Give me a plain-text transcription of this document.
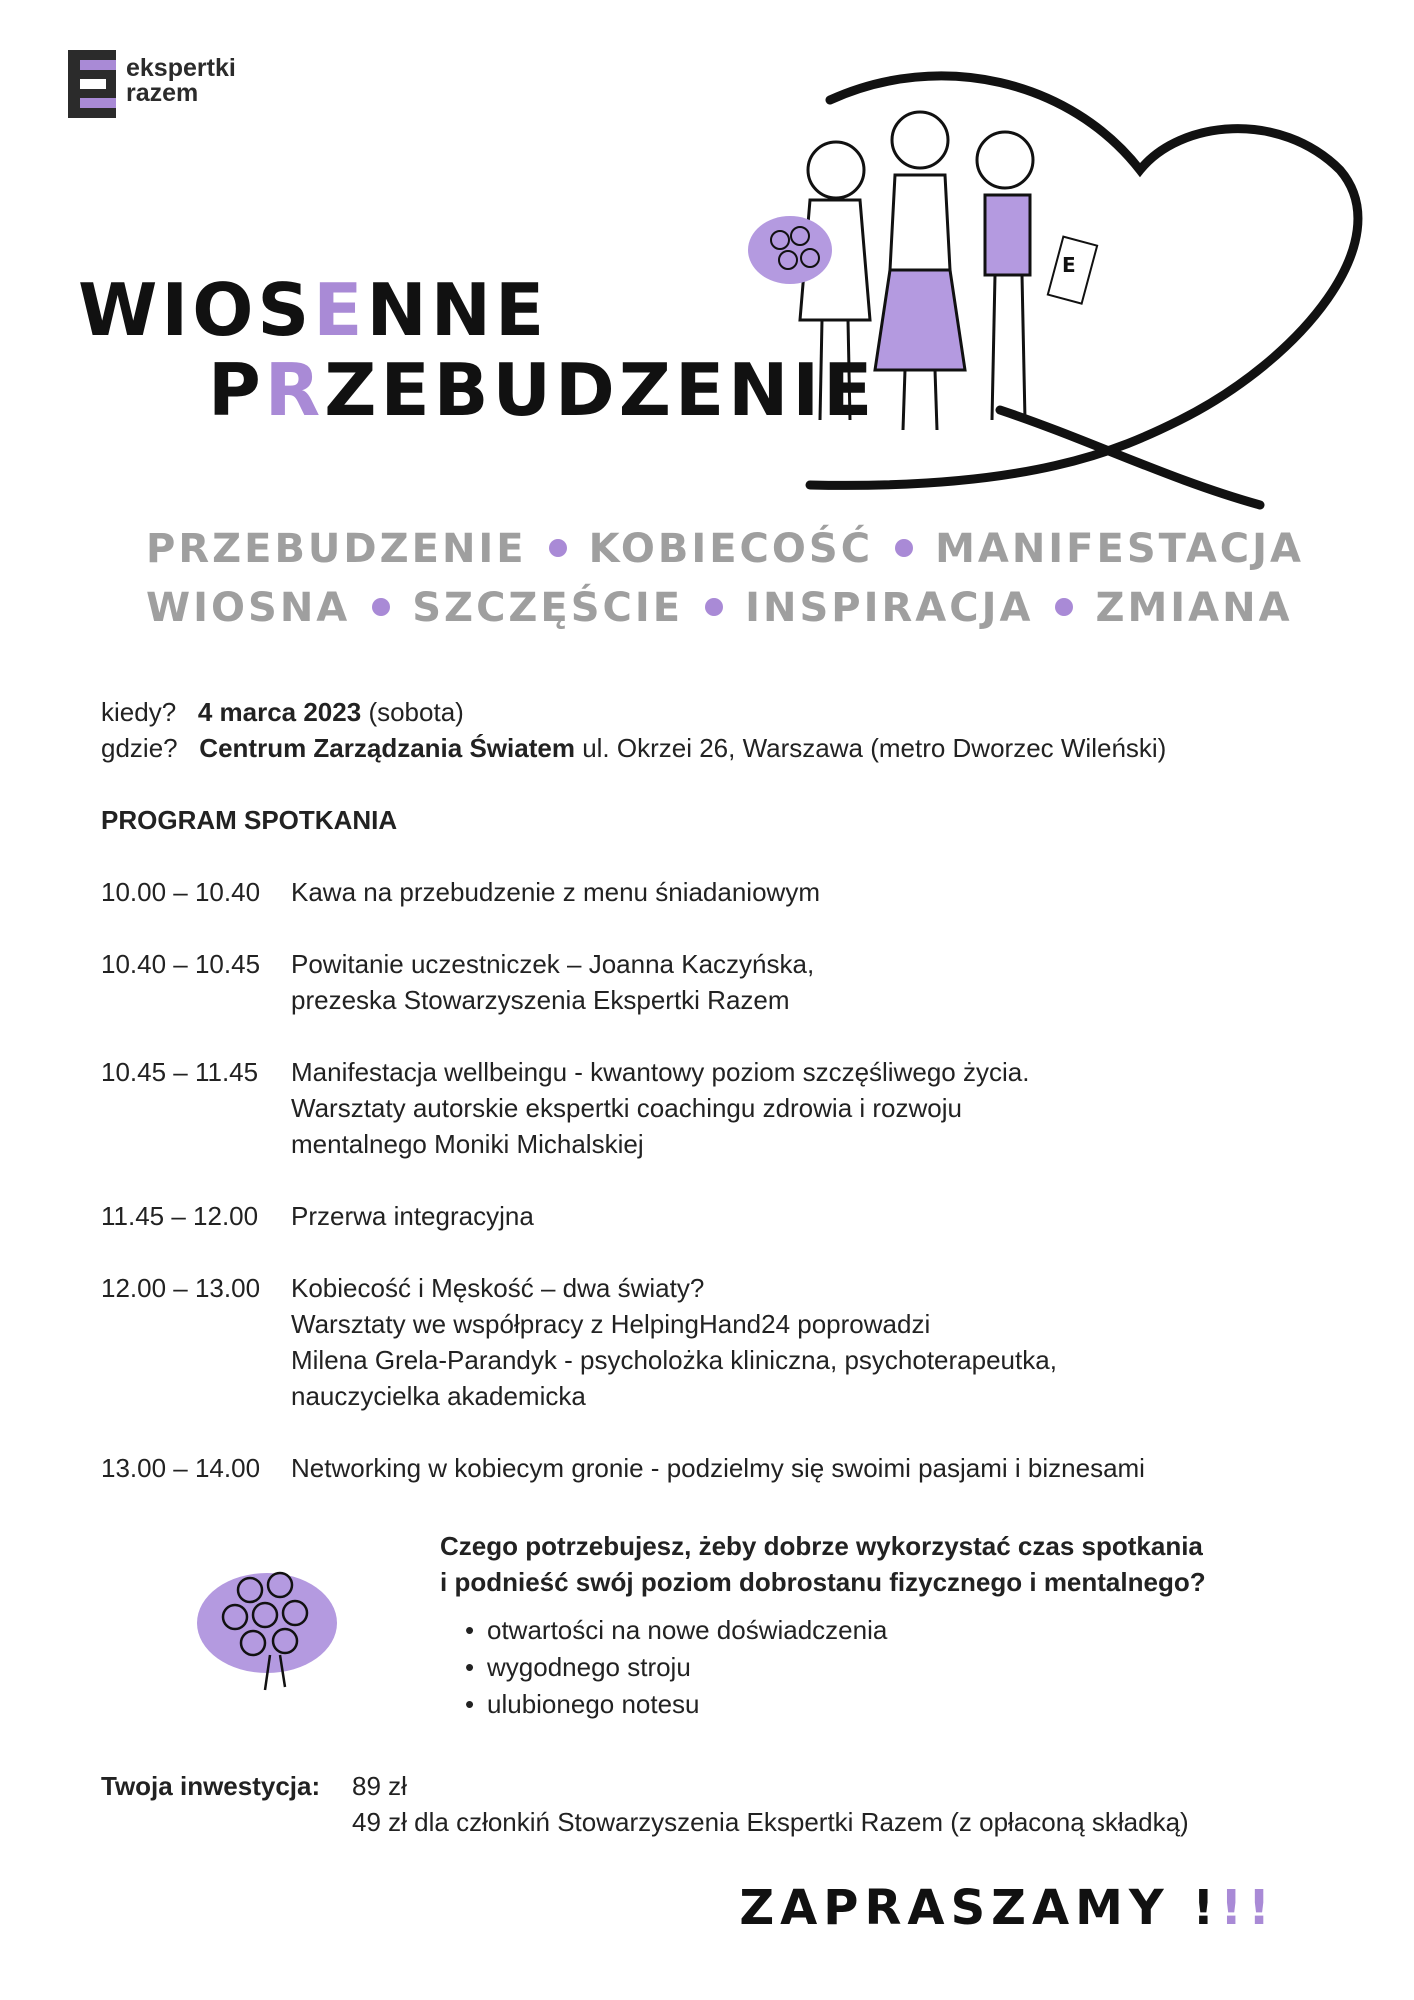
ekspertki
razem
E
WIOSENNE
PRZEBUDZENIE
PRZEBUDZENIE KOBIECOŚĆ MANIFESTACJA
WIOSNA SZCZĘŚCIE INSPIRACJA ZMIANA
kiedy? 4 marca 2023 (sobota)
gdzie? Centrum Zarządzania Światem ul. Okrzei 26, Warszawa (metro Dworzec Wileński)
PROGRAM SPOTKANIA
10.00 – 10.40 Kawa na przebudzenie z menu śniadaniowym
10.40 – 10.45 Powitanie uczestniczek – Joanna Kaczyńska,
prezeska Stowarzyszenia Ekspertki Razem
10.45 – 11.45 Manifestacja wellbeingu - kwantowy poziom szczęśliwego życia.
Warsztaty autorskie ekspertki coachingu zdrowia i rozwoju
mentalnego Moniki Michalskiej
11.45 – 12.00 Przerwa integracyjna
12.00 – 13.00 Kobiecość i Męskość – dwa światy?
Warsztaty we współpracy z HelpingHand24 poprowadzi
Milena Grela-Parandyk - psycholożka kliniczna, psychoterapeutka,
nauczycielka akademicka
13.00 – 14.00 Networking w kobiecym gronie - podzielmy się swoimi pasjami i biznesami
Czego potrzebujesz, żeby dobrze wykorzystać czas spotkania
i podnieść swój poziom dobrostanu fizycznego i mentalnego?
• otwartości na nowe doświadczenia
• wygodnego stroju
• ulubionego notesu
Twoja inwestycja: 89 zł
49 zł dla członkiń Stowarzyszenia Ekspertki Razem (z opłaconą składką)
ZAPRASZAMY !!!
